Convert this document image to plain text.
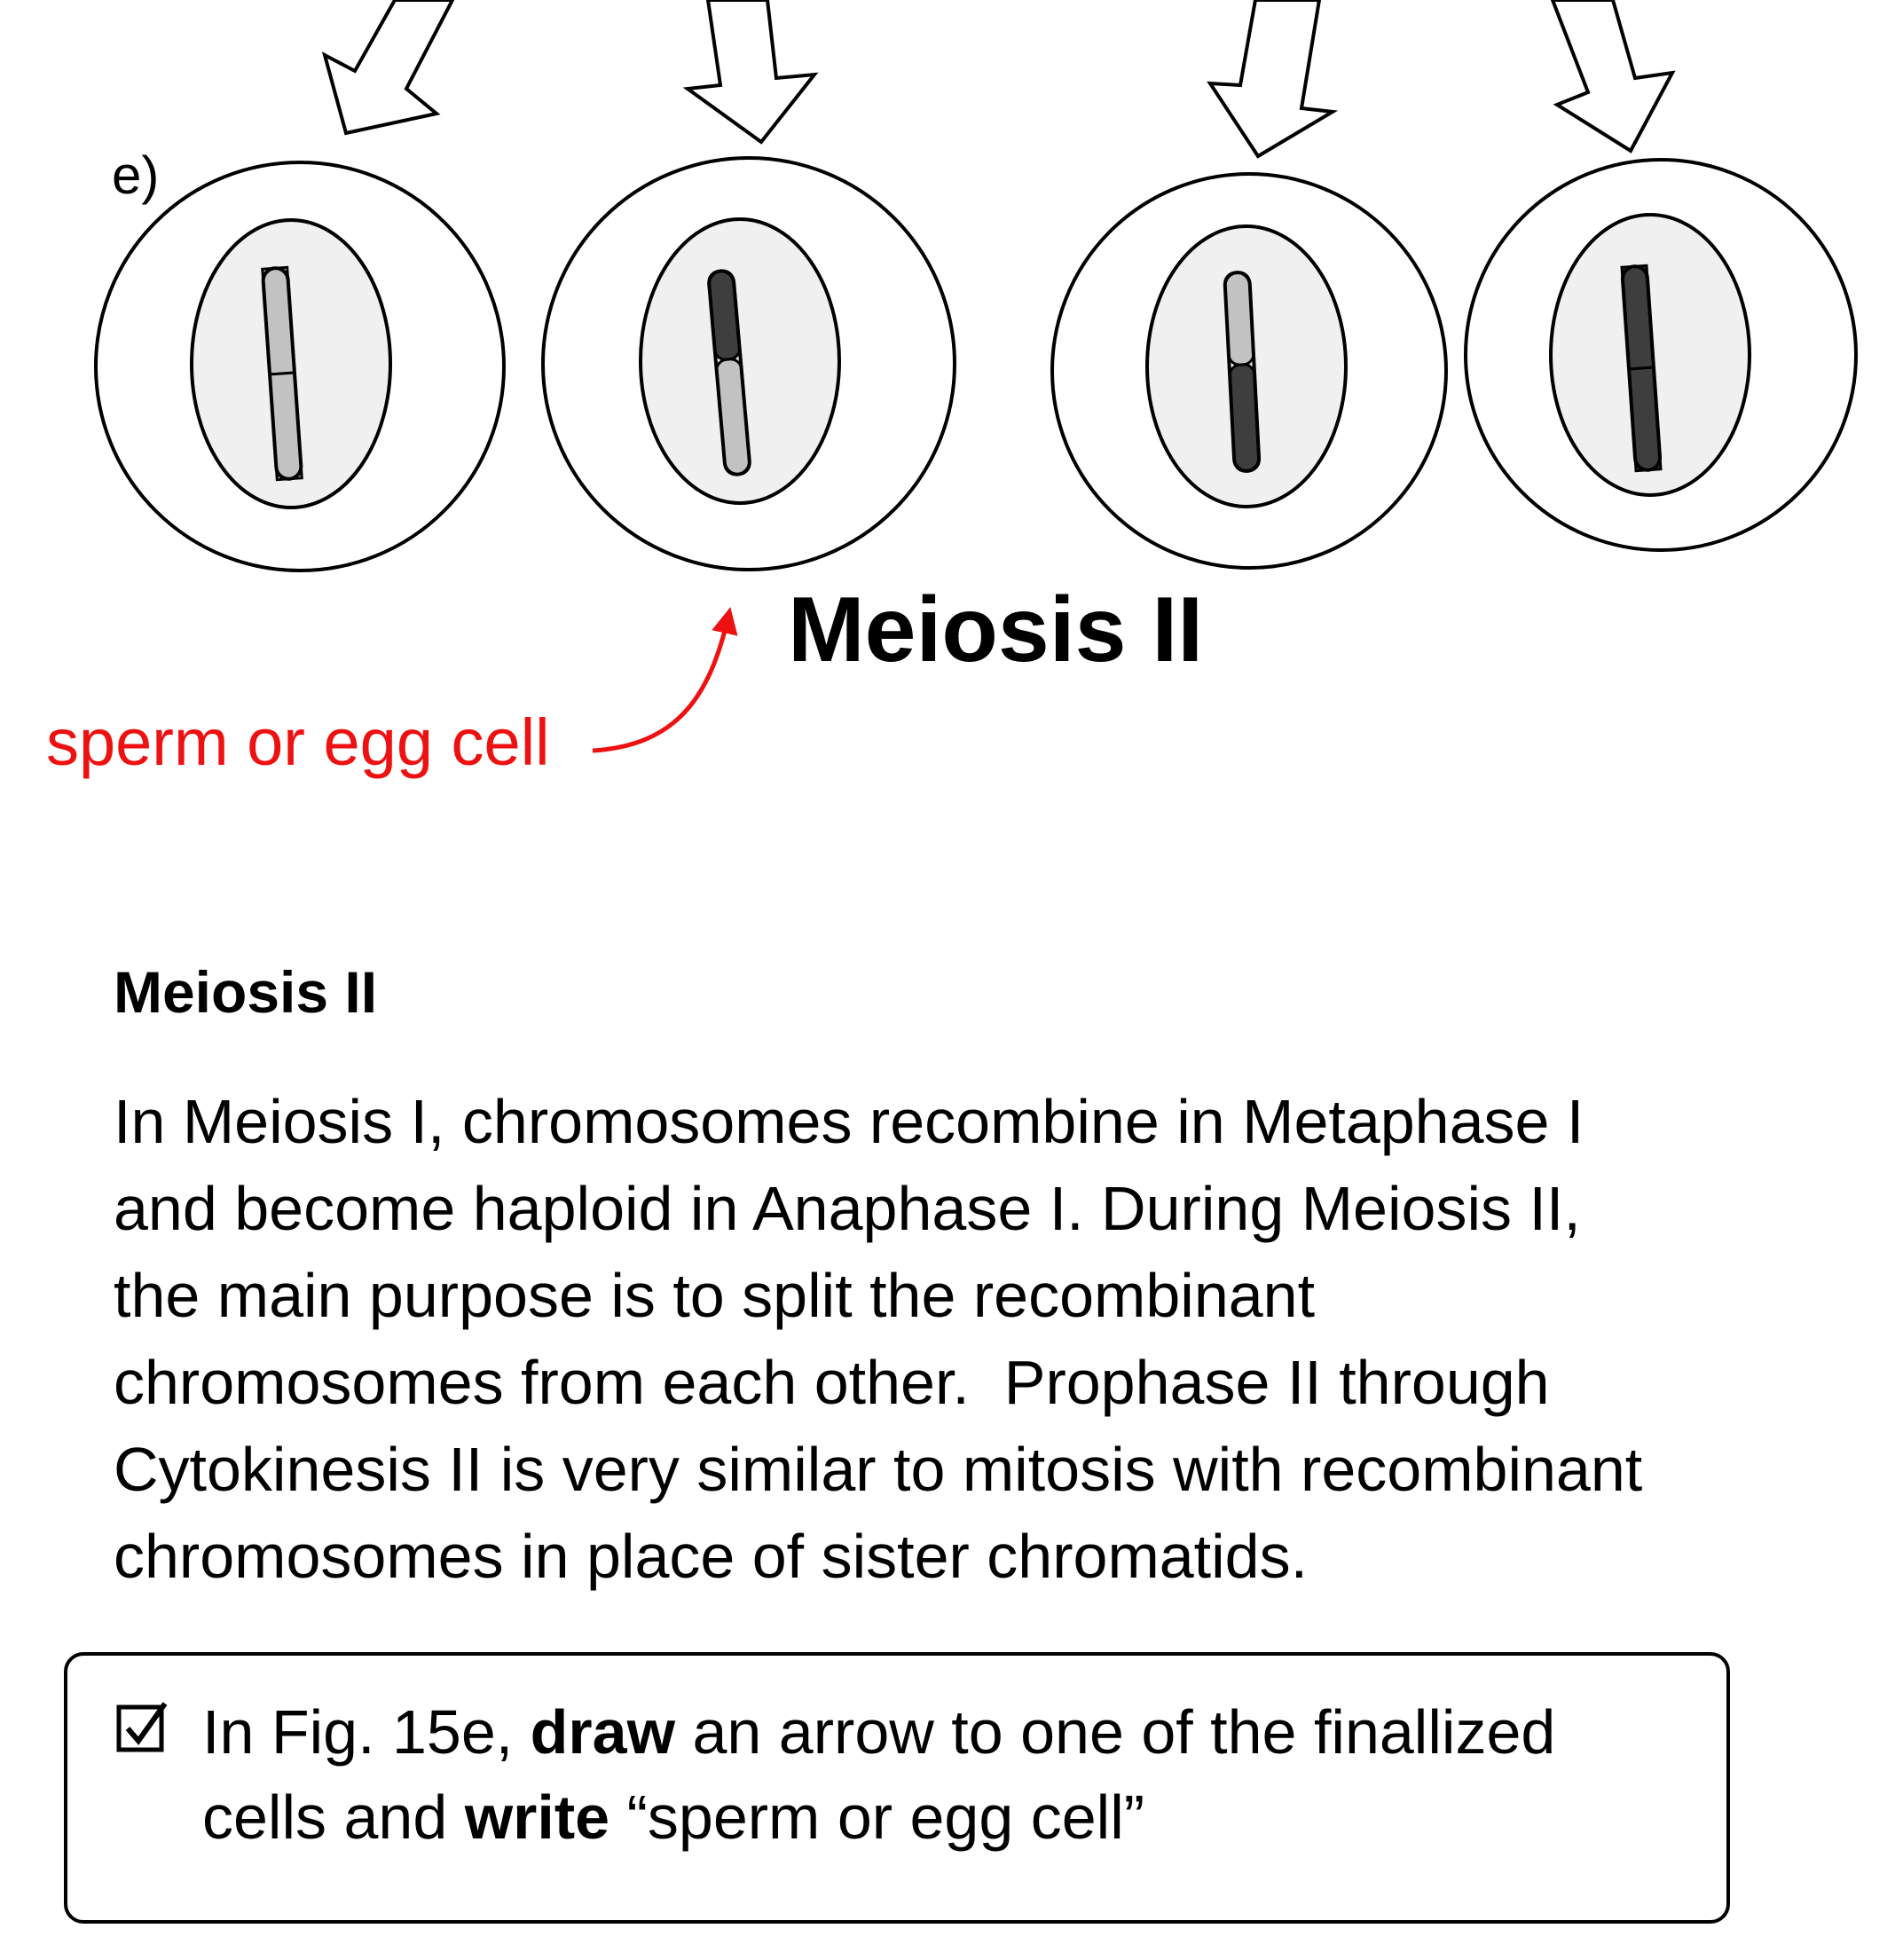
e)
Meiosis II
sperm or egg cell
Meiosis II
In Meiosis I, chromosomes recombine in Metaphase I
and become haploid in Anaphase I. During Meiosis II,
the main purpose is to split the recombinant
chromosomes from each other.  Prophase II through
Cytokinesis II is very similar to mitosis with recombinant
chromosomes in place of sister chromatids.
In Fig. 15e, draw an arrow to one of the finallized
cells and write “sperm or egg cell”
